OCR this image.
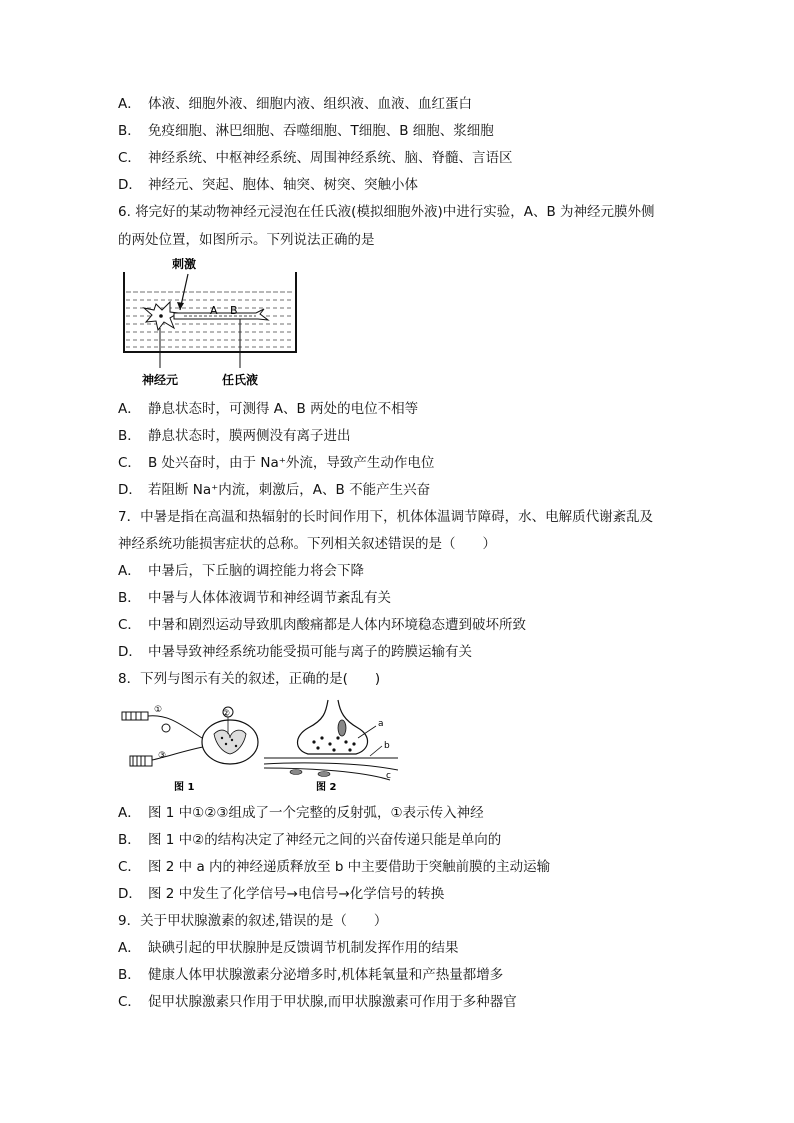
A． 体液、细胞外液、细胞内液、组织液、血液、血红蛋白
B． 免疫细胞、淋巴细胞、吞噬细胞、T细胞、B 细胞、浆细胞
C． 神经系统、中枢神经系统、周围神经系统、脑、脊髓、言语区
D． 神经元、突起、胞体、轴突、树突、突触小体
6. 将完好的某动物神经元浸泡在任氏液(模拟细胞外液)中进行实验，A、B 为神经元膜外侧
的两处位置，如图所示。下列说法正确的是
刺激
A B
神经元	任氏液
A． 静息状态时，可测得 A、B 两处的电位不相等
B． 静息状态时，膜两侧没有离子进出
C． B 处兴奋时，由于 Na⁺外流，导致产生动作电位
D． 若阻断 Na⁺内流，刺激后，A、B 不能产生兴奋
7．中暑是指在高温和热辐射的长时间作用下，机体体温调节障碍，水、电解质代谢紊乱及
神经系统功能损害症状的总称。下列相关叙述错误的是（　　）
A． 中暑后，下丘脑的调控能力将会下降
B． 中暑与人体体液调节和神经调节紊乱有关
C． 中暑和剧烈运动导致肌肉酸痛都是人体内环境稳态遭到破坏所致
D． 中暑导致神经系统功能受损可能与离子的跨膜运输有关
8．下列与图示有关的叙述，正确的是(　　)
①
③
②
图 1
a
b
c
图 2
A． 图 1 中①②③组成了一个完整的反射弧，①表示传入神经
B． 图 1 中②的结构决定了神经元之间的兴奋传递只能是单向的
C． 图 2 中 a 内的神经递质释放至 b 中主要借助于突触前膜的主动运输
D． 图 2 中发生了化学信号→电信号→化学信号的转换
9．关于甲状腺激素的叙述,错误的是（　　）
A． 缺碘引起的甲状腺肿是反馈调节机制发挥作用的结果
B． 健康人体甲状腺激素分泌增多时,机体耗氧量和产热量都增多
C． 促甲状腺激素只作用于甲状腺,而甲状腺激素可作用于多种器官
